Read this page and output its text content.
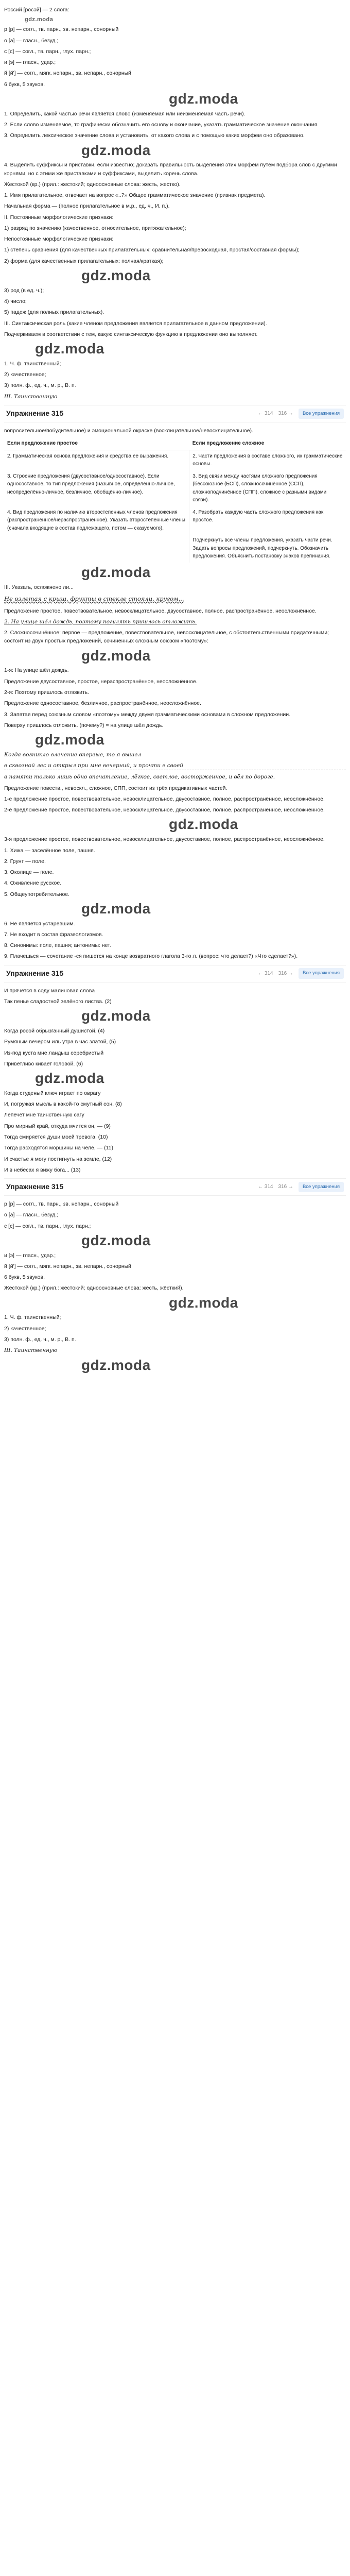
Россий [росэй] — 2 слога:

gdz.moda

р [р] — согл., тв. парн., зв. непарн., сонорный

о [а] — гласн., безуд.;

с [с] — согл., тв. парн., глух. парн.;

и [э] — гласн., удар.;

й [й'] — согл., мягк. непарн., зв. непарн., сонорный

6 букв, 5 звуков.

gdz.moda

1. Определить, какой частью речи является слово (изменяемая или неизменяемая часть речи).

2. Если слово изменяемое, то графически обозначить его основу и окончание, указать грамматическое значение окончания.

3. Определить лексическое значение слова и установить, от какого слова и с помощью каких морфем оно образовано.

gdz.moda

4. Выделить суффиксы и приставки, если известно; доказать правильность выделения этих морфем путем подбора слов с другими корнями, но с этими же приставками и суффиксами, выделить корень слова.

Жестокой (кр.) (прил.: жестокий; одноосновные слова: жесть, жестко).

1. Имя прилагательное, отвечает на вопрос «..?» Общее грамматическое значение (признак предмета).

Начальная форма — (полное прилагательное в м.р., ед. ч., И. п.).

II. Постоянные морфологические признаки:

1) разряд по значению (качественное, относительное, притяжательное);

Непостоянные морфологические признаки:

1) степень сравнения (для качественных прилагательных: сравнительная/превосходная, простая/составная формы);

2) форма (для качественных прилагательных: полная/краткая);

gdz.moda

3) род (в ед. ч.);

4) число;

5) падеж (для полных прилагательных).

III. Синтаксическая роль (какие членом предложения является прилагательное в данном предложении).

Подчеркиваем в соответствии с тем, какую синтаксическую функцию в предложении оно выполняет.

gdz.moda

1. Ч. ф. таинственный;

2) качественное;

3) полн. ф., ед. ч., м. р., В. п.

III. Таинственную

Упражнение 315	← 314 316 →	Все упражнения

вопросительное/побудительное) и эмоциональной окраске (восклицательное/невосклицательное).

Если предложение простое	Если предложение сложное
2. Грамматическая основа предложения и средства ее выражения.	2. Части предложения в составе сложного, их грамматические основы.
3. Строение предложения (двусоставное/односоставное). Если односоставное, то тип предложения (назывное, определённо-личное, неопределённо-личное, безличное, обобщённо-личное).	3. Вид связи между частями сложного предложения (бессоюзное (БСП), сложносочинённое (ССП), сложноподчинённое (СПП), сложное с разными видами связи).
4. Вид предложения по наличию второстепенных членов предложения (распространённое/нераспространённое). Указать второстепенные члены (сначала входящие в состав подлежащего, потом — сказуемого).	4. Разобрать каждую часть сложного предложения как простое.
	Подчеркнуть все члены предложения, указать части речи. Задать вопросы предложений, подчеркнуть. Обозначить предложения. Объяснить постановку знаков препинания.
gdz.moda

III. Указать, осложнено ли...

Не взлетая с крыш, фрукты в стекле стояли, кругом...

Предложение простое, повествовательное, невосклицательное, двусоставное, полное, распространённое, неосложнённое.

2. На улице шёл дождь, поэтому погулять пришлось отложить.

2. Сложносочинённое: первое — предложение, повествовательное, невосклицательное, с обстоятельственными придаточными; состоит из двух простых предложений, сочиненных сложным союзом «поэтому»:

gdz.moda

1-я: На улице шёл дождь.

Предложение двусоставное, простое, нераспространённое, неосложнённое.

2-я: Поэтому пришлось отложить.

Предложение односоставное, безличное, распространённое, неосложнённое.

3. Запятая перед союзным словом «поэтому» между двумя грамматическими основами в сложном предложении.

Поверху пришлось отложить. (почему?) = на улице шёл дождь.

gdz.moda

Когда возникло влечение впервые, то я вышел

в сквозной лес и открыл при мне вечерний, и прочти в своей

в памяти только лишь одно впечатление, лёгкое, светлое, восторженное, и вёл по дороге.

Предложение повеств., невоскл., сложное, СПП, состоит из трёх предикативных частей.

1-е предложение простое, повествовательное, невосклицательное, двусоставное, полное, распространённое, неосложнённое.

2-е предложение простое, повествовательное, невосклицательное, двусоставное, полное, распространённое, неосложнённое.

gdz.moda

3-я предложение простое, повествовательное, невосклицательное, двусоставное, полное, распространённое, неосложнённое.

1. Хижа — заселённое поле, пашня.

2. Грунт — поле.

3. Околице — поле.

4. Оживление русское.

5. Общеупотребительное.

gdz.moda

6. Не является устаревшим.

7. Не входит в состав фразеологизмов.

8. Синонимы: поле, пашня; антонимы: нет.

9. Плачешься — сочетание -ся пишется на конце возвратного глагола 3-го л. (вопрос: что делает?) «Что сделает?»).

Упражнение 315	← 314 316 →	Все упражнения

И прячется в соду малиновая слова

Так пенье сладостной зелёного листва. (2)

gdz.moda

Когда росой обрызганный душистой. (4)

Румяным вечером иль утра в час златой, (5)

Из-под куста мне ландыш серебристый

Приветливо кивает головой. (6)

gdz.moda

Когда студеный ключ играет по оврагу

И, погружая мысль в какой-то смутный сон, (8)

Лепечет мне таинственную сагу

Про мирный край, откуда мчится он, — (9)

Тогда смиряется души моей тревога, (10)

Тогда расходятся морщины на челе, — (11)

И счастье я могу постигнуть на земле, (12)

И в небесах я вижу бога... (13)

Упражнение 315	← 314 316 →	Все упражнения

р [р] — согл., тв. парн., зв. непарн., сонорный

о [а] — гласн., безуд.;

с [с] — согл., тв. парн., глух. парн.;

gdz.moda

и [э] — гласн., удар.;

й [й'] — согл., мягк. непарн., зв. непарн., сонорный

6 букв, 5 звуков.

Жестокой (кр.) (прил.: жестокий; одноосновные слова: жесть, жёсткий).

gdz.moda

1. Ч. ф. таинственный;

2) качественное;

3) полн. ф., ед. ч., м. р., В. п.

III. Таинственную

gdz.moda
